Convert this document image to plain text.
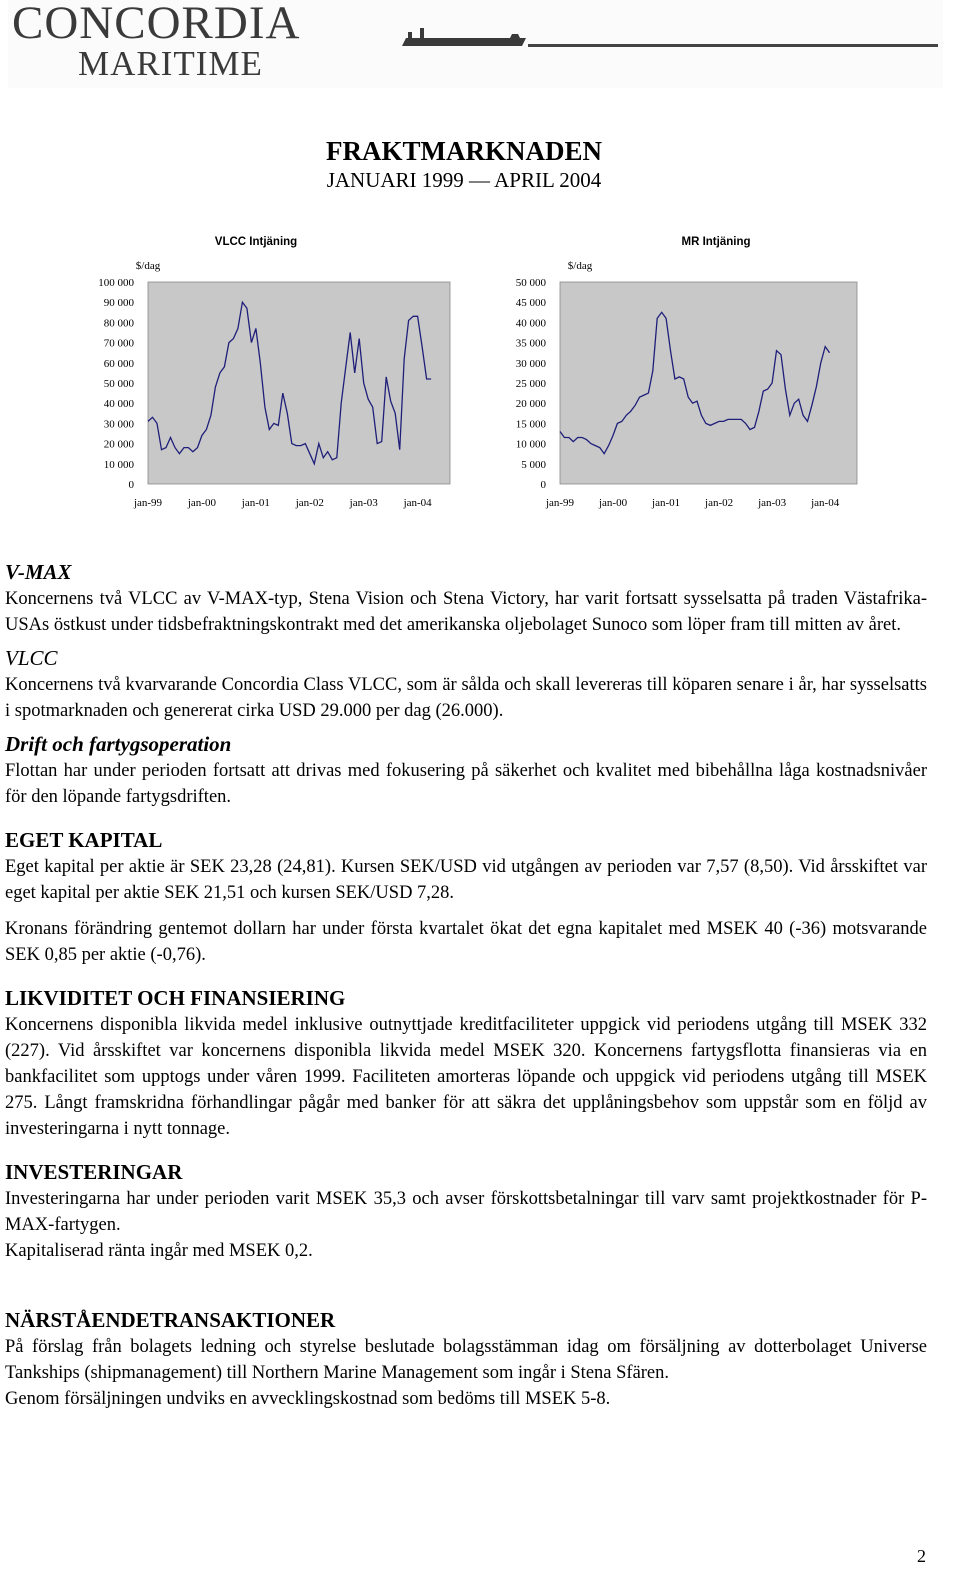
CONCORDIA
MARITIME
FRAKTMARKNADEN
JANUARI 1999 — APRIL 2004
VLCC Intjäning
$/dag
0
10 000
20 000
30 000
40 000
50 000
60 000
70 000
80 000
90 000
100 000
jan-99 jan-00 jan-01 jan-02 jan-03 jan-04
MR Intjäning
$/dag
0
5 000
10 000
15 000
20 000
25 000
30 000
35 000
40 000
45 000
50 000
jan-99 jan-00 jan-01 jan-02 jan-03 jan-04

V-MAX

Koncernens två VLCC av V-MAX-typ, Stena Vision och Stena Victory, har varit fortsatt sysselsatta på traden Västafrika-USAs östkust under tidsbefraktningskontrakt med det amerikanska oljebolaget Sunoco som löper fram till mitten av året.

VLCC

Koncernens två kvarvarande Concordia Class VLCC, som är sålda och skall levereras till köparen senare i år, har sysselsatts i spotmarknaden och genererat cirka USD 29.000 per dag (26.000).

Drift och fartygsoperation

Flottan har under perioden fortsatt att drivas med fokusering på säkerhet och kvalitet med bibehållna låga kostnadsnivåer för den löpande fartygsdriften.

EGET KAPITAL

Eget kapital per aktie är SEK 23,28 (24,81). Kursen SEK/USD vid utgången av perioden var 7,57 (8,50). Vid årsskiftet var eget kapital per aktie SEK 21,51 och kursen SEK/USD 7,28.

Kronans förändring gentemot dollarn har under första kvartalet ökat det egna kapitalet med MSEK 40 (-36) motsvarande SEK 0,85 per aktie (-0,76).

LIKVIDITET OCH FINANSIERING

Koncernens disponibla likvida medel inklusive outnyttjade kreditfaciliteter uppgick vid periodens utgång till MSEK 332 (227). Vid årsskiftet var koncernens disponibla likvida medel MSEK 320. Koncernens fartygsflotta finansieras via en bankfacilitet som upptogs under våren 1999. Faciliteten amorteras löpande och uppgick vid periodens utgång till MSEK 275. Långt framskridna förhandlingar pågår med banker för att säkra det upplåningsbehov som uppstår som en följd av investeringarna i nytt tonnage.

INVESTERINGAR

Investeringarna har under perioden varit MSEK 35,3 och avser förskottsbetalningar till varv samt projektkostnader för P-MAX-fartygen.

Kapitaliserad ränta ingår med MSEK 0,2.

NÄRSTÅENDETRANSAKTIONER

På förslag från bolagets ledning och styrelse beslutade bolagsstämman idag om försäljning av dotterbolaget Universe Tankships (shipmanagement) till Northern Marine Management som ingår i Stena Sfären.

Genom försäljningen undviks en avvecklingskostnad som bedöms till MSEK 5-8.

2
